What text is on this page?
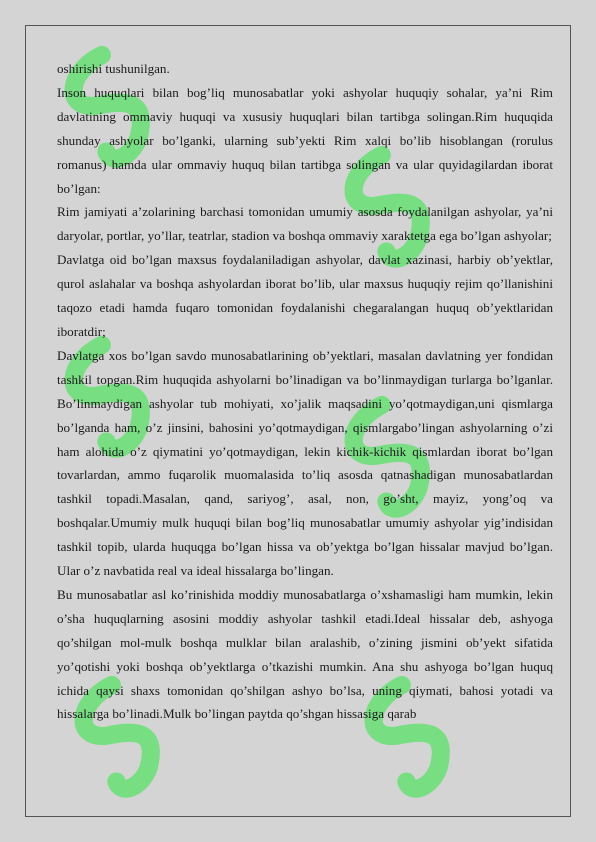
oshirishi tushunilgan.

Inson huquqlari bilan bog’liq munosabatlar yoki ashyolar huquqiy sohalar, ya’ni Rim davlatining ommaviy huquqi va xususiy huquqlari bilan tartibga solingan.Rim huquqida shunday ashyolar bo’lganki, ularning sub’yekti Rim xalqi bo’lib hisoblangan (rorulus romanus) hamda ular ommaviy huquq bilan tartibga solingan va ular quyidagilardan iborat bo’lgan:

Rim jamiyati a’zolarining barchasi tomonidan umumiy asosda foydalanilgan ashyolar, ya’ni daryolar, portlar, yo’llar, teatrlar, stadion va boshqa ommaviy xaraktetga ega bo’lgan ashyolar;

Davlatga oid bo’lgan maxsus foydalaniladigan ashyolar, davlat xazinasi, harbiy ob’yektlar, qurol aslahalar va boshqa ashyolardan iborat bo’lib, ular maxsus huquqiy rejim qo’llanishini taqozo etadi hamda fuqaro tomonidan foydalanishi chegaralangan huquq ob’yektlaridan iboratdir;

Davlatga xos bo’lgan savdo munosabatlarining ob’yektlari, masalan davlatning yer fondidan tashkil topgan.Rim huquqida ashyolarni bo’linadigan va bo’linmaydigan turlarga bo’lganlar. Bo’linmaydigan ashyolar tub mohiyati, xo’jalik maqsadini yo’qotmaydigan,uni qismlarga bo’lganda ham, o’z jinsini, bahosini yo’qotmaydigan, qismlargabo’lingan ashyolarning o’zi ham alohida o’z qiymatini yo’qotmaydigan, lekin kichik-kichik qismlardan iborat bo’lgan tovarlardan, ammo fuqarolik muomalasida to’liq asosda qatnashadigan munosabatlardan tashkil topadi.Masalan, qand, sariyog’, asal, non, go’sht, mayiz, yong’oq va boshqalar.Umumiy mulk huquqi bilan bog’liq munosabatlar umumiy ashyolar yig’indisidan tashkil topib, ularda huquqga bo’lgan hissa va ob’yektga bo’lgan hissalar mavjud bo’lgan. Ular o’z navbatida real va ideal hissalarga bo’lingan.

Bu munosabatlar asl ko’rinishida moddiy munosabatlarga o’xshamasligi ham mumkin, lekin o’sha huquqlarning asosini moddiy ashyolar tashkil etadi.Ideal hissalar deb, ashyoga qo’shilgan mol-mulk boshqa mulklar bilan aralashib, o’zining jismini ob’yekt sifatida yo’qotishi yoki boshqa ob’yektlarga o’tkazishi mumkin. Ana shu ashyoga bo’lgan huquq ichida qaysi shaxs tomonidan qo’shilgan ashyo bo’lsa, uning qiymati, bahosi yotadi va hissalarga bo’linadi.Mulk bo’lingan paytda qo’shgan hissasiga qarab
